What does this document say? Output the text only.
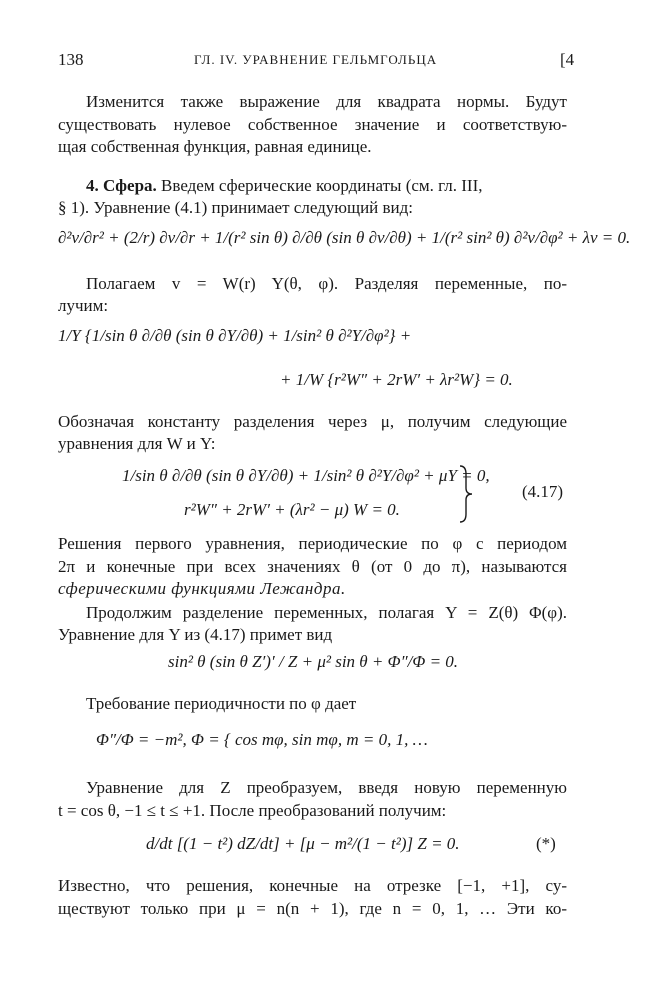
138	ГЛ. IV. УРАВНЕНИЕ ГЕЛЬМГОЛЬЦА	[4
Изменится также выражение для квадрата нормы. Будут
существовать нулевое собственное значение и соответствую-
щая собственная функция, равная единице.
4. Сфера. Введем сферические координаты (см. гл. III,
§ 1). Уравнение (4.1) принимает следующий вид:
∂²v/∂r² + (2/r) ∂v/∂r + 1/(r² sin θ) ∂/∂θ (sin θ ∂v/∂θ) + 1/(r² sin² θ) ∂²v/∂φ² + λv = 0.
Полагаем v = W(r) Y(θ, φ). Разделяя переменные, по-
лучим:
1/Y {1/sin θ ∂/∂θ (sin θ ∂Y/∂θ) + 1/sin² θ ∂²Y/∂φ²} +
+ 1/W {r²W″ + 2rW′ + λr²W} = 0.
Обозначая константу разделения через μ, получим следующие
уравнения для W и Y:
1/sin θ ∂/∂θ (sin θ ∂Y/∂θ) + 1/sin² θ ∂²Y/∂φ² + μY = 0,
r²W″ + 2rW′ + (λr² − μ) W = 0.
(4.17)
Решения первого уравнения, периодические по φ с периодом
2π и конечные при всех значениях θ (от 0 до π), называются
сферическими функциями Лежандра.
Продолжим разделение переменных, полагая Y = Z(θ) Φ(φ).
Уравнение для Y из (4.17) примет вид
sin² θ (sin θ Z′)′ / Z + μ² sin θ + Φ″/Φ = 0.
Требование периодичности по φ дает
Φ″/Φ = −m², Φ = { cos mφ, sin mφ, m = 0, 1, …
Уравнение для Z преобразуем, введя новую переменную
t = cos θ, −1 ≤ t ≤ +1. После преобразований получим:
d/dt [(1 − t²) dZ/dt] + [μ − m²/(1 − t²)] Z = 0.	(*)
Известно, что решения, конечные на отрезке [−1, +1], су-
ществуют только при μ = n(n + 1), где n = 0, 1, … Эти ко-
